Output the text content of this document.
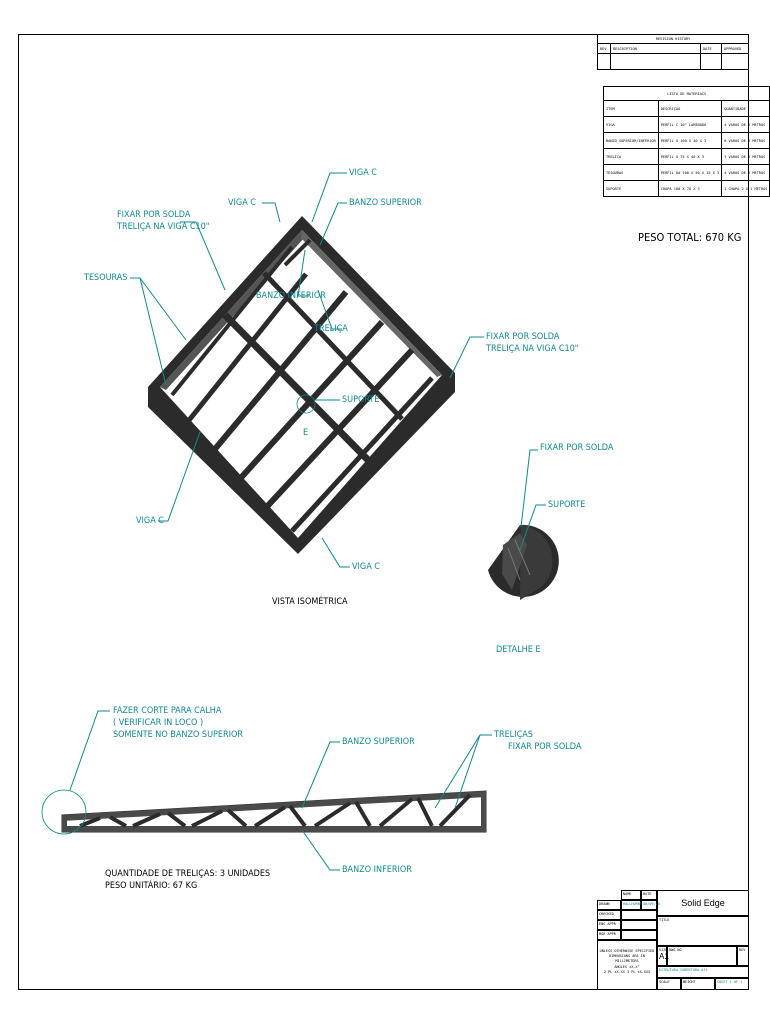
REVISION HISTORY			
REV	DESCRIPTION	DATE	APPROVED

LISTA DE MATERIAIS		
ITEM	DESCRIÇÃO	QUANTIDADE
VIGA	PERFIL C 10" LAMINADO	4 VARAS DE 6 METROS
BANZO SUPERIOR/INFERIOR	PERFIL U 100 X 40 X 3	6 VARAS DE 6 METROS
TRELIÇA	PERFIL U 75 X 40 X 3	3 VARAS DE 6 METROS
TESOURAS	PERFIL UA 100 X 50 X 15 X 3	4 VARAS DE 6 METROS
SUPORTE	CHAPA 100 X 70 X 3	1 CHAPA 2 X 1 METROS
PESO TOTAL: 670 KG
VIGA C
VIGA C	BANZO SUPERIOR
FIXAR POR SOLDA
TRELIÇA NA VIGA C10"
TESOURAS
BANZO INFERIOR
TRELIÇA
FIXAR POR SOLDA
TRELIÇA NA VIGA C10"
SUPORTE
E
VIGA C
VIGA C
VISTA ISOMÉTRICA
FIXAR POR SOLDA
SUPORTE
DETALHE E
FAZER CORTE PARA CALHA
( VERIFICAR IN LOCO )
SOMENTE NO BANZO SUPERIOR
BANZO SUPERIOR
TRELIÇAS
FIXAR POR SOLDA
BANZO INFERIOR
QUANTIDADE DE TRELIÇAS: 3 UNIDADES
PESO UNITÁRIO: 67 KG
NAME	DATE
DRAWN	HALLHOMBR 08/09/20
CHECKED
ENG APPR
MGR APPR
Solid Edge
TITLE
UNLESS OTHERWISE SPECIFIED
DIMENSIONS ARE IN MILLIMETERS
ANGLES ±X.X°
2 PL ±X.XX 3 PL ±X.XXX
SIZE
A1
DWG NO	REV
ESTRUTURA COBERTURA.dft
SCALE	WEIGHT	SHEET 1 OF 1
